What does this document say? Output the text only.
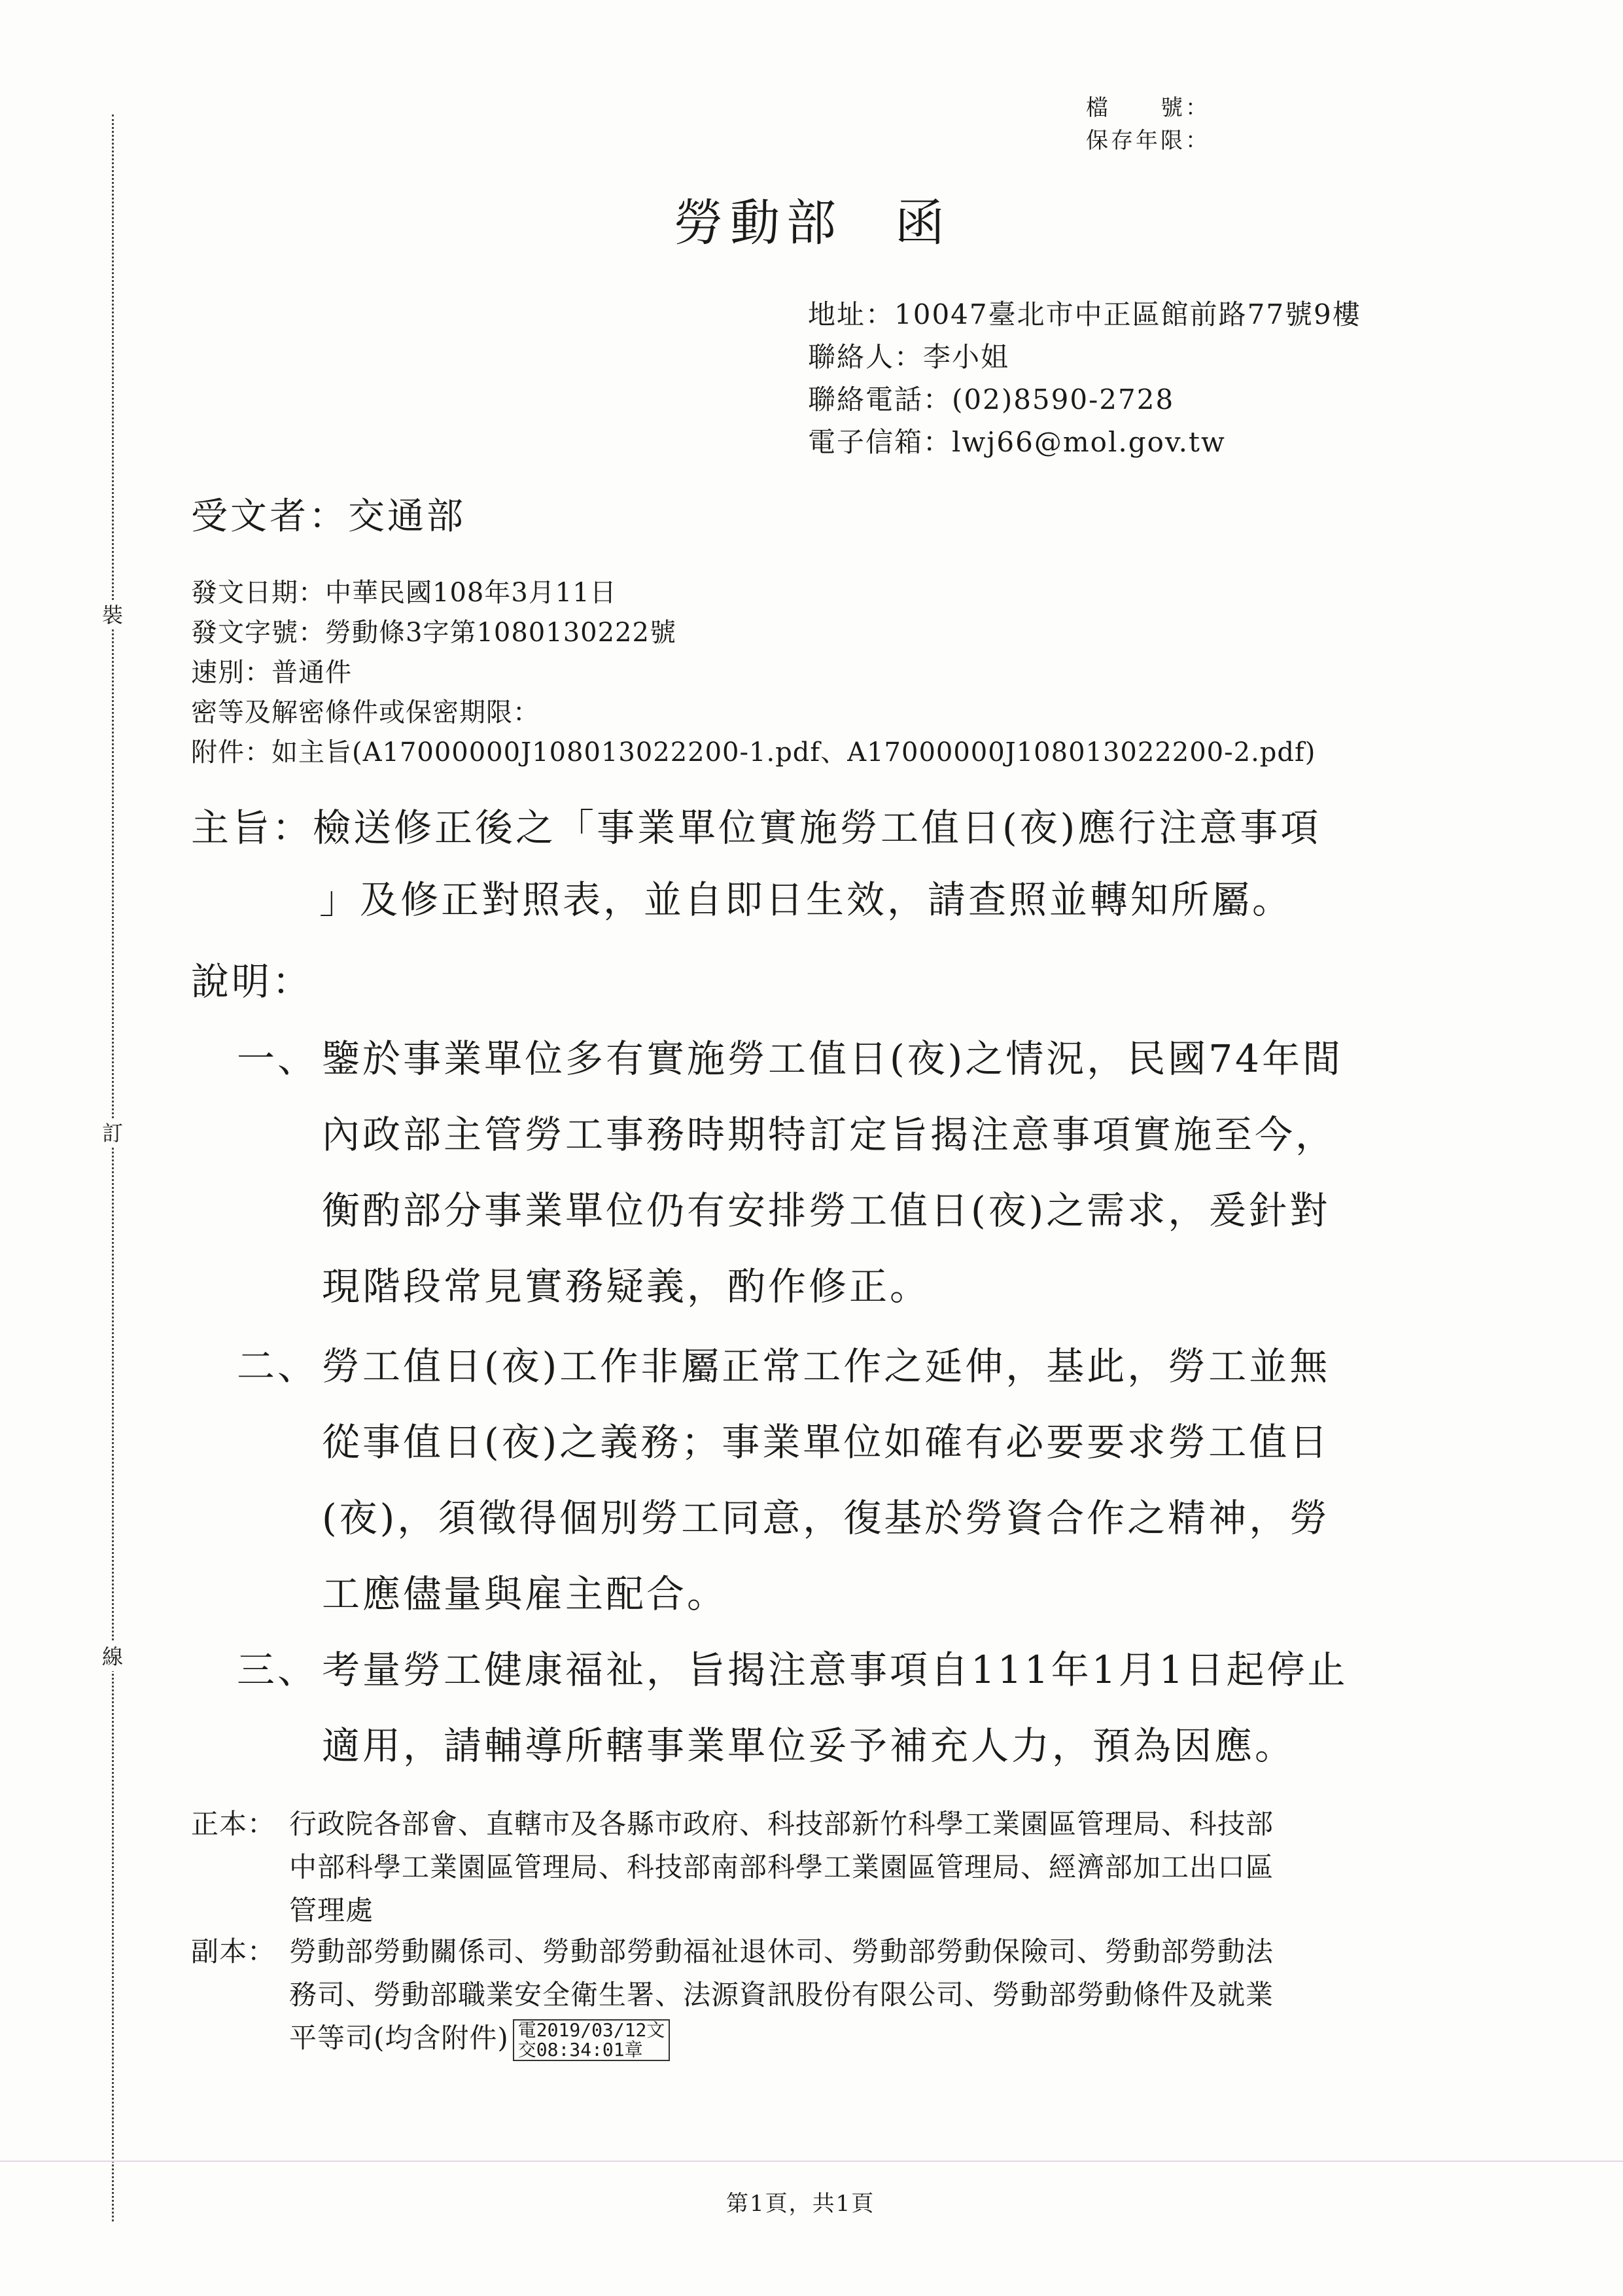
裝
訂
線
檔　　號：
保存年限：
勞動部 函
地址：10047臺北市中正區館前路77號9樓
聯絡人：李小姐
聯絡電話：(02)8590-2728
電子信箱：lwj66@mol.gov.tw
受文者：交通部
發文日期：中華民國108年3月11日
發文字號：勞動條3字第1080130222號
速別：普通件
密等及解密條件或保密期限：
附件：如主旨(A17000000J108013022200-1.pdf、A17000000J108013022200-2.pdf)
主旨：檢送修正後之「事業單位實施勞工值日(夜)應行注意事項
」及修正對照表，並自即日生效，請查照並轉知所屬。
說明：
一、 鑒於事業單位多有實施勞工值日(夜)之情況，民國74年間
內政部主管勞工事務時期特訂定旨揭注意事項實施至今，
衡酌部分事業單位仍有安排勞工值日(夜)之需求，爰針對
現階段常見實務疑義，酌作修正。
二、 勞工值日(夜)工作非屬正常工作之延伸，基此，勞工並無
從事值日(夜)之義務；事業單位如確有必要要求勞工值日
(夜)，須徵得個別勞工同意，復基於勞資合作之精神，勞
工應儘量與雇主配合。
三、 考量勞工健康福祉，旨揭注意事項自111年1月1日起停止
適用，請輔導所轄事業單位妥予補充人力，預為因應。
正本： 行政院各部會、直轄市及各縣市政府、科技部新竹科學工業園區管理局、科技部
中部科學工業園區管理局、科技部南部科學工業園區管理局、經濟部加工出口區
管理處
副本： 勞動部勞動關係司、勞動部勞動福祉退休司、勞動部勞動保險司、勞動部勞動法
務司、勞動部職業安全衛生署、法源資訊股份有限公司、勞動部勞動條件及就業
平等司(均含附件) 電2019/03/12文
交08:34:01章
第1頁，共1頁
